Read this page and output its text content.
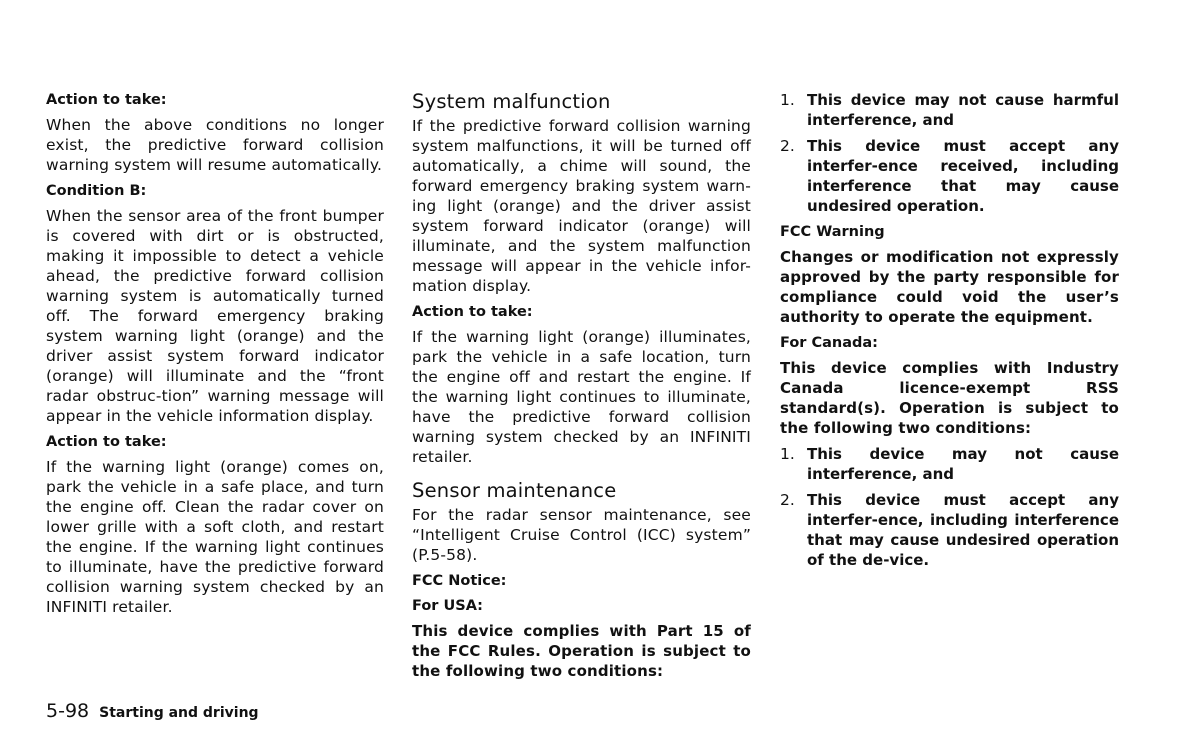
Action to take:

When the above conditions no longer exist, the predictive forward collision warning system will resume automatically.

Condition B:

When the sensor area of the front bumper is covered with dirt or is obstructed, making it impossible to detect a vehicle ahead, the predictive forward collision warning system is automatically turned off. The forward emergency braking system warning light (orange) and the driver assist system forward indicator (orange) will illuminate and the “front radar obstruc-tion” warning message will appear in the vehicle information display.

Action to take:

If the warning light (orange) comes on, park the vehicle in a safe place, and turn the engine off. Clean the radar cover on lower grille with a soft cloth, and restart the engine. If the warning light continues to illuminate, have the predictive forward collision warning system checked by an INFINITI retailer.

System malfunction

If the predictive forward collision warning system malfunctions, it will be turned off automatically, a chime will sound, the forward emergency braking system warn-ing light (orange) and the driver assist system forward indicator (orange) will illuminate, and the system malfunction message will appear in the vehicle infor-mation display.

Action to take:

If the warning light (orange) illuminates, park the vehicle in a safe location, turn the engine off and restart the engine. If the warning light continues to illuminate, have the predictive forward collision warning system checked by an INFINITI retailer.

Sensor maintenance

For the radar sensor maintenance, see “Intelligent Cruise Control (ICC) system” (P.5-58).

FCC Notice:
For USA:

This device complies with Part 15 of the FCC Rules. Operation is subject to the following two conditions:

1. This device may not cause harmful interference, and
2. This device must accept any interfer-ence received, including interference that may cause undesired operation.
FCC Warning

Changes or modification not expressly approved by the party responsible for compliance could void the user’s authority to operate the equipment.

For Canada:

This device complies with Industry Canada licence-exempt RSS standard(s). Operation is subject to the following two conditions:

1. This device may not cause interference, and
2. This device must accept any interfer-ence, including interference that may cause undesired operation of the de-vice.
5-98 Starting and driving
